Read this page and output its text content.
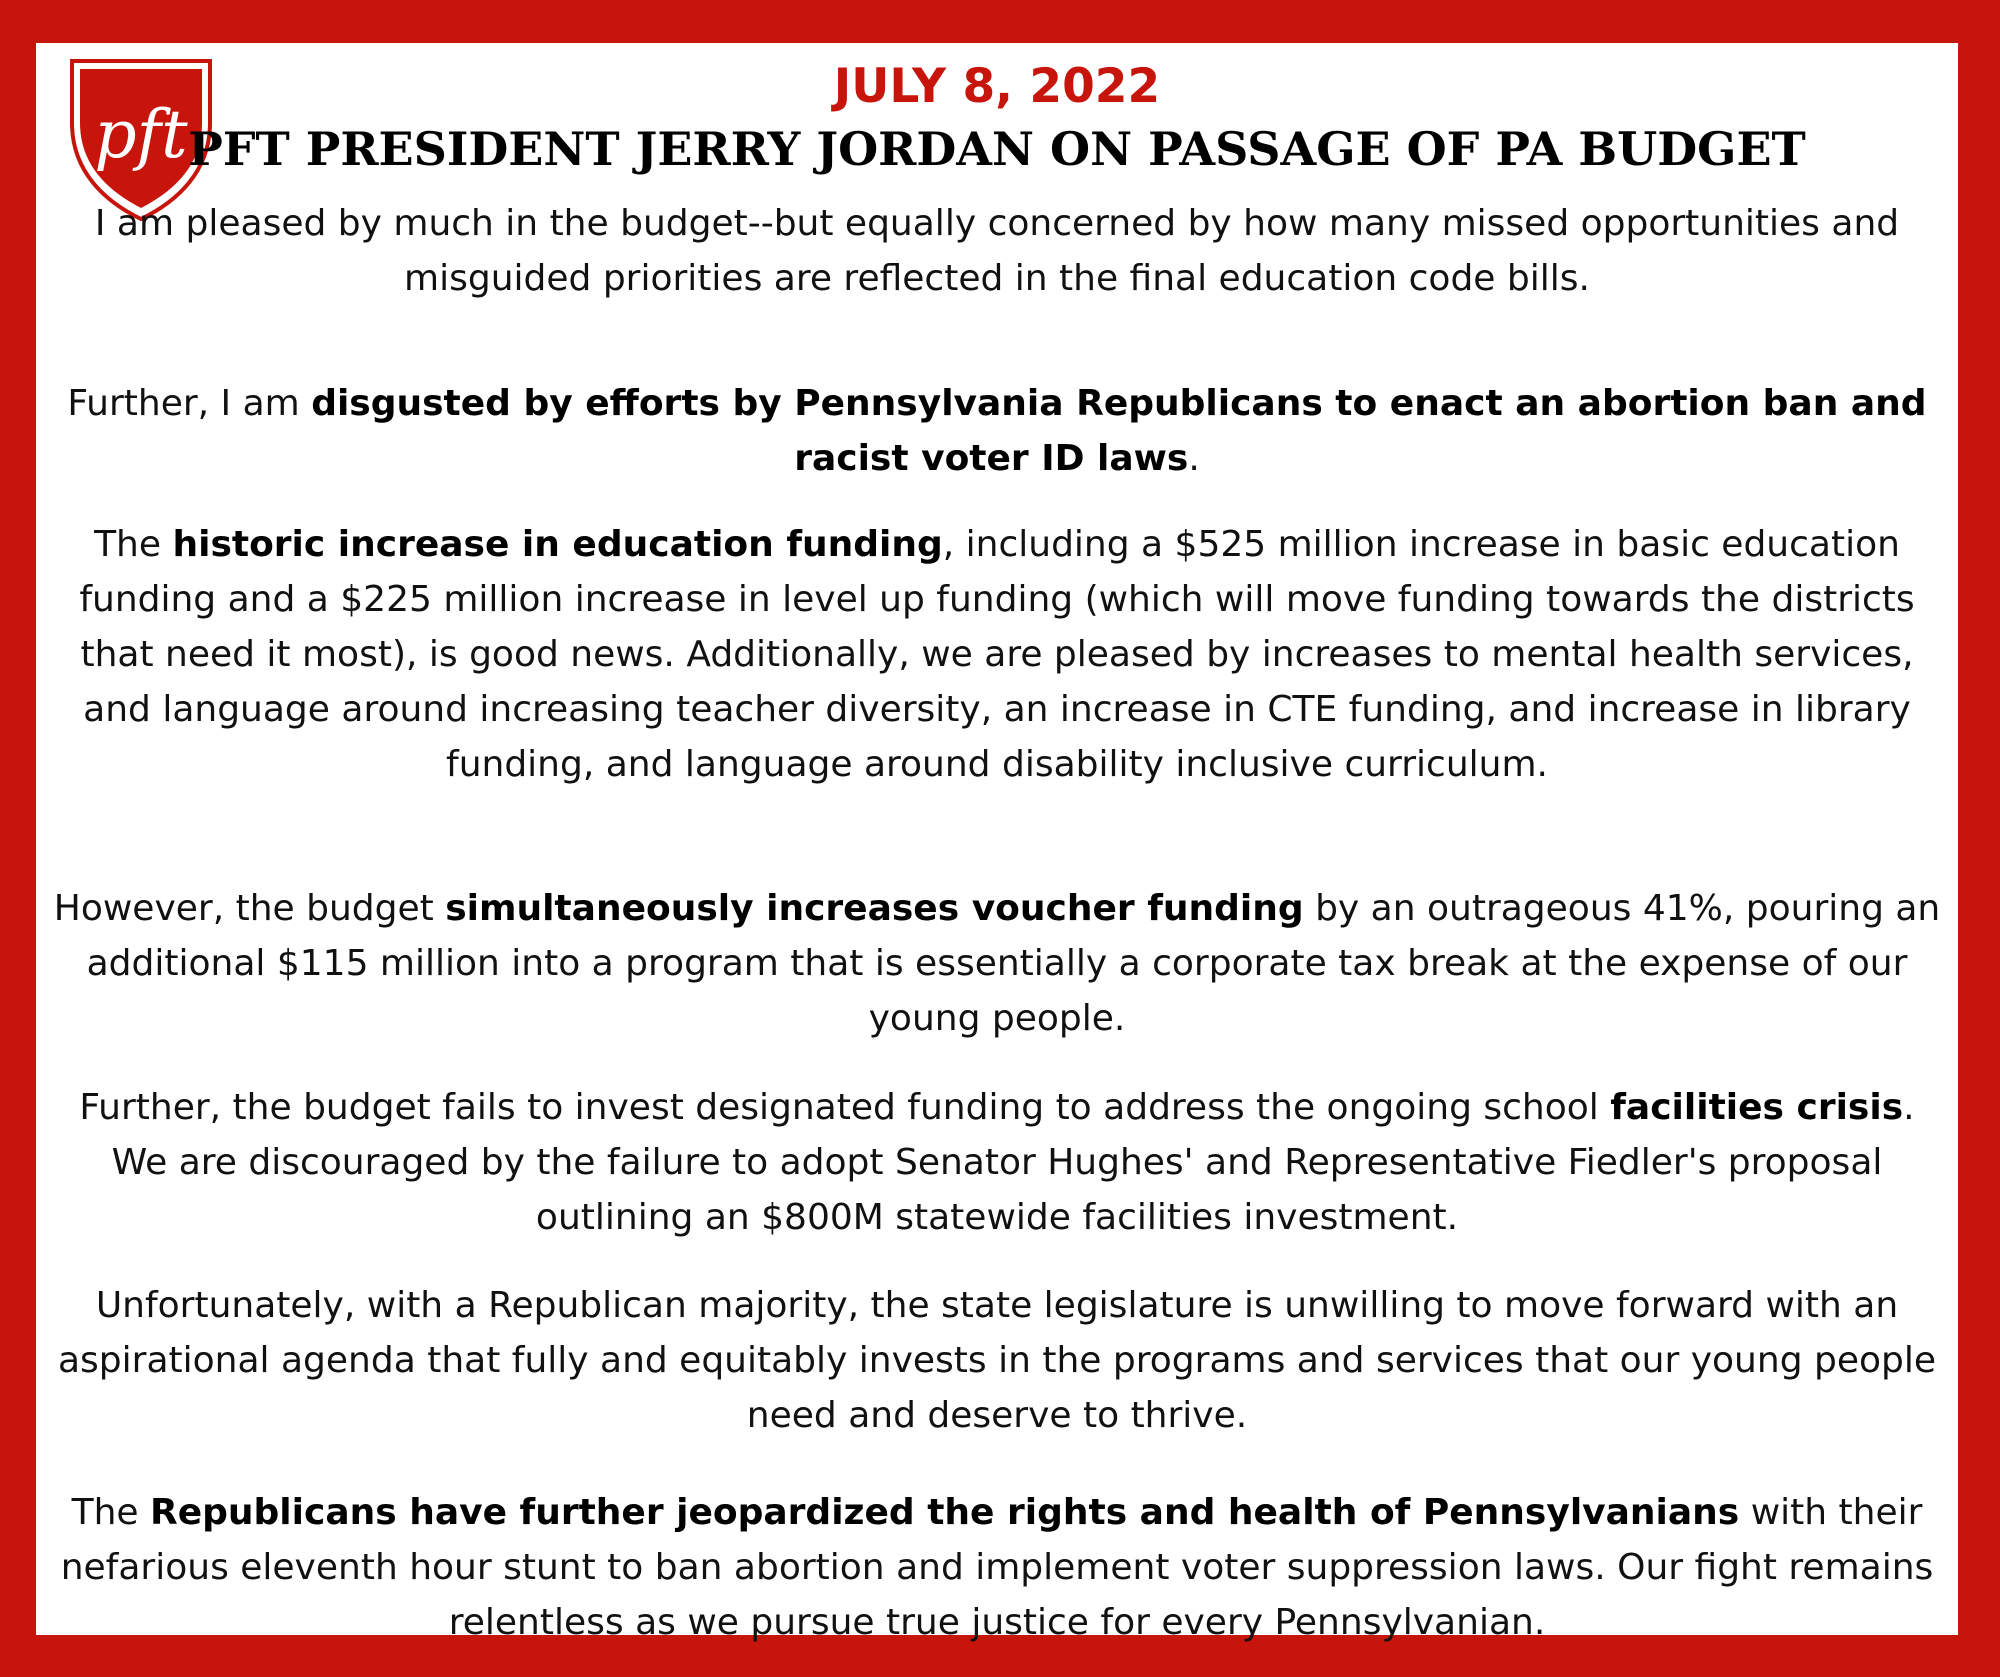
pft
JULY 8, 2022
PFT PRESIDENT JERRY JORDAN ON PASSAGE OF PA BUDGET

I am pleased by much in the budget--but equally concerned by how many missed opportunities and misguided priorities are reflected in the final education code bills.

Further, I am disgusted by efforts by Pennsylvania Republicans to enact an abortion ban and racist voter ID laws.

The historic increase in education funding, including a $525 million increase in basic education funding and a $225 million increase in level up funding (which will move funding towards the districts that need it most), is good news. Additionally, we are pleased by increases to mental health services, and language around increasing teacher diversity, an increase in CTE funding, and increase in library funding, and language around disability inclusive curriculum.

However, the budget simultaneously increases voucher funding by an outrageous 41%, pouring an additional $115 million into a program that is essentially a corporate tax break at the expense of our young people.

Further, the budget fails to invest designated funding to address the ongoing school facilities crisis. We are discouraged by the failure to adopt Senator Hughes' and Representative Fiedler's proposal outlining an $800M statewide facilities investment.

Unfortunately, with a Republican majority, the state legislature is unwilling to move forward with an aspirational agenda that fully and equitably invests in the programs and services that our young people need and deserve to thrive.

The Republicans have further jeopardized the rights and health of Pennsylvanians with their nefarious eleventh hour stunt to ban abortion and implement voter suppression laws. Our fight remains relentless as we pursue true justice for every Pennsylvanian.
